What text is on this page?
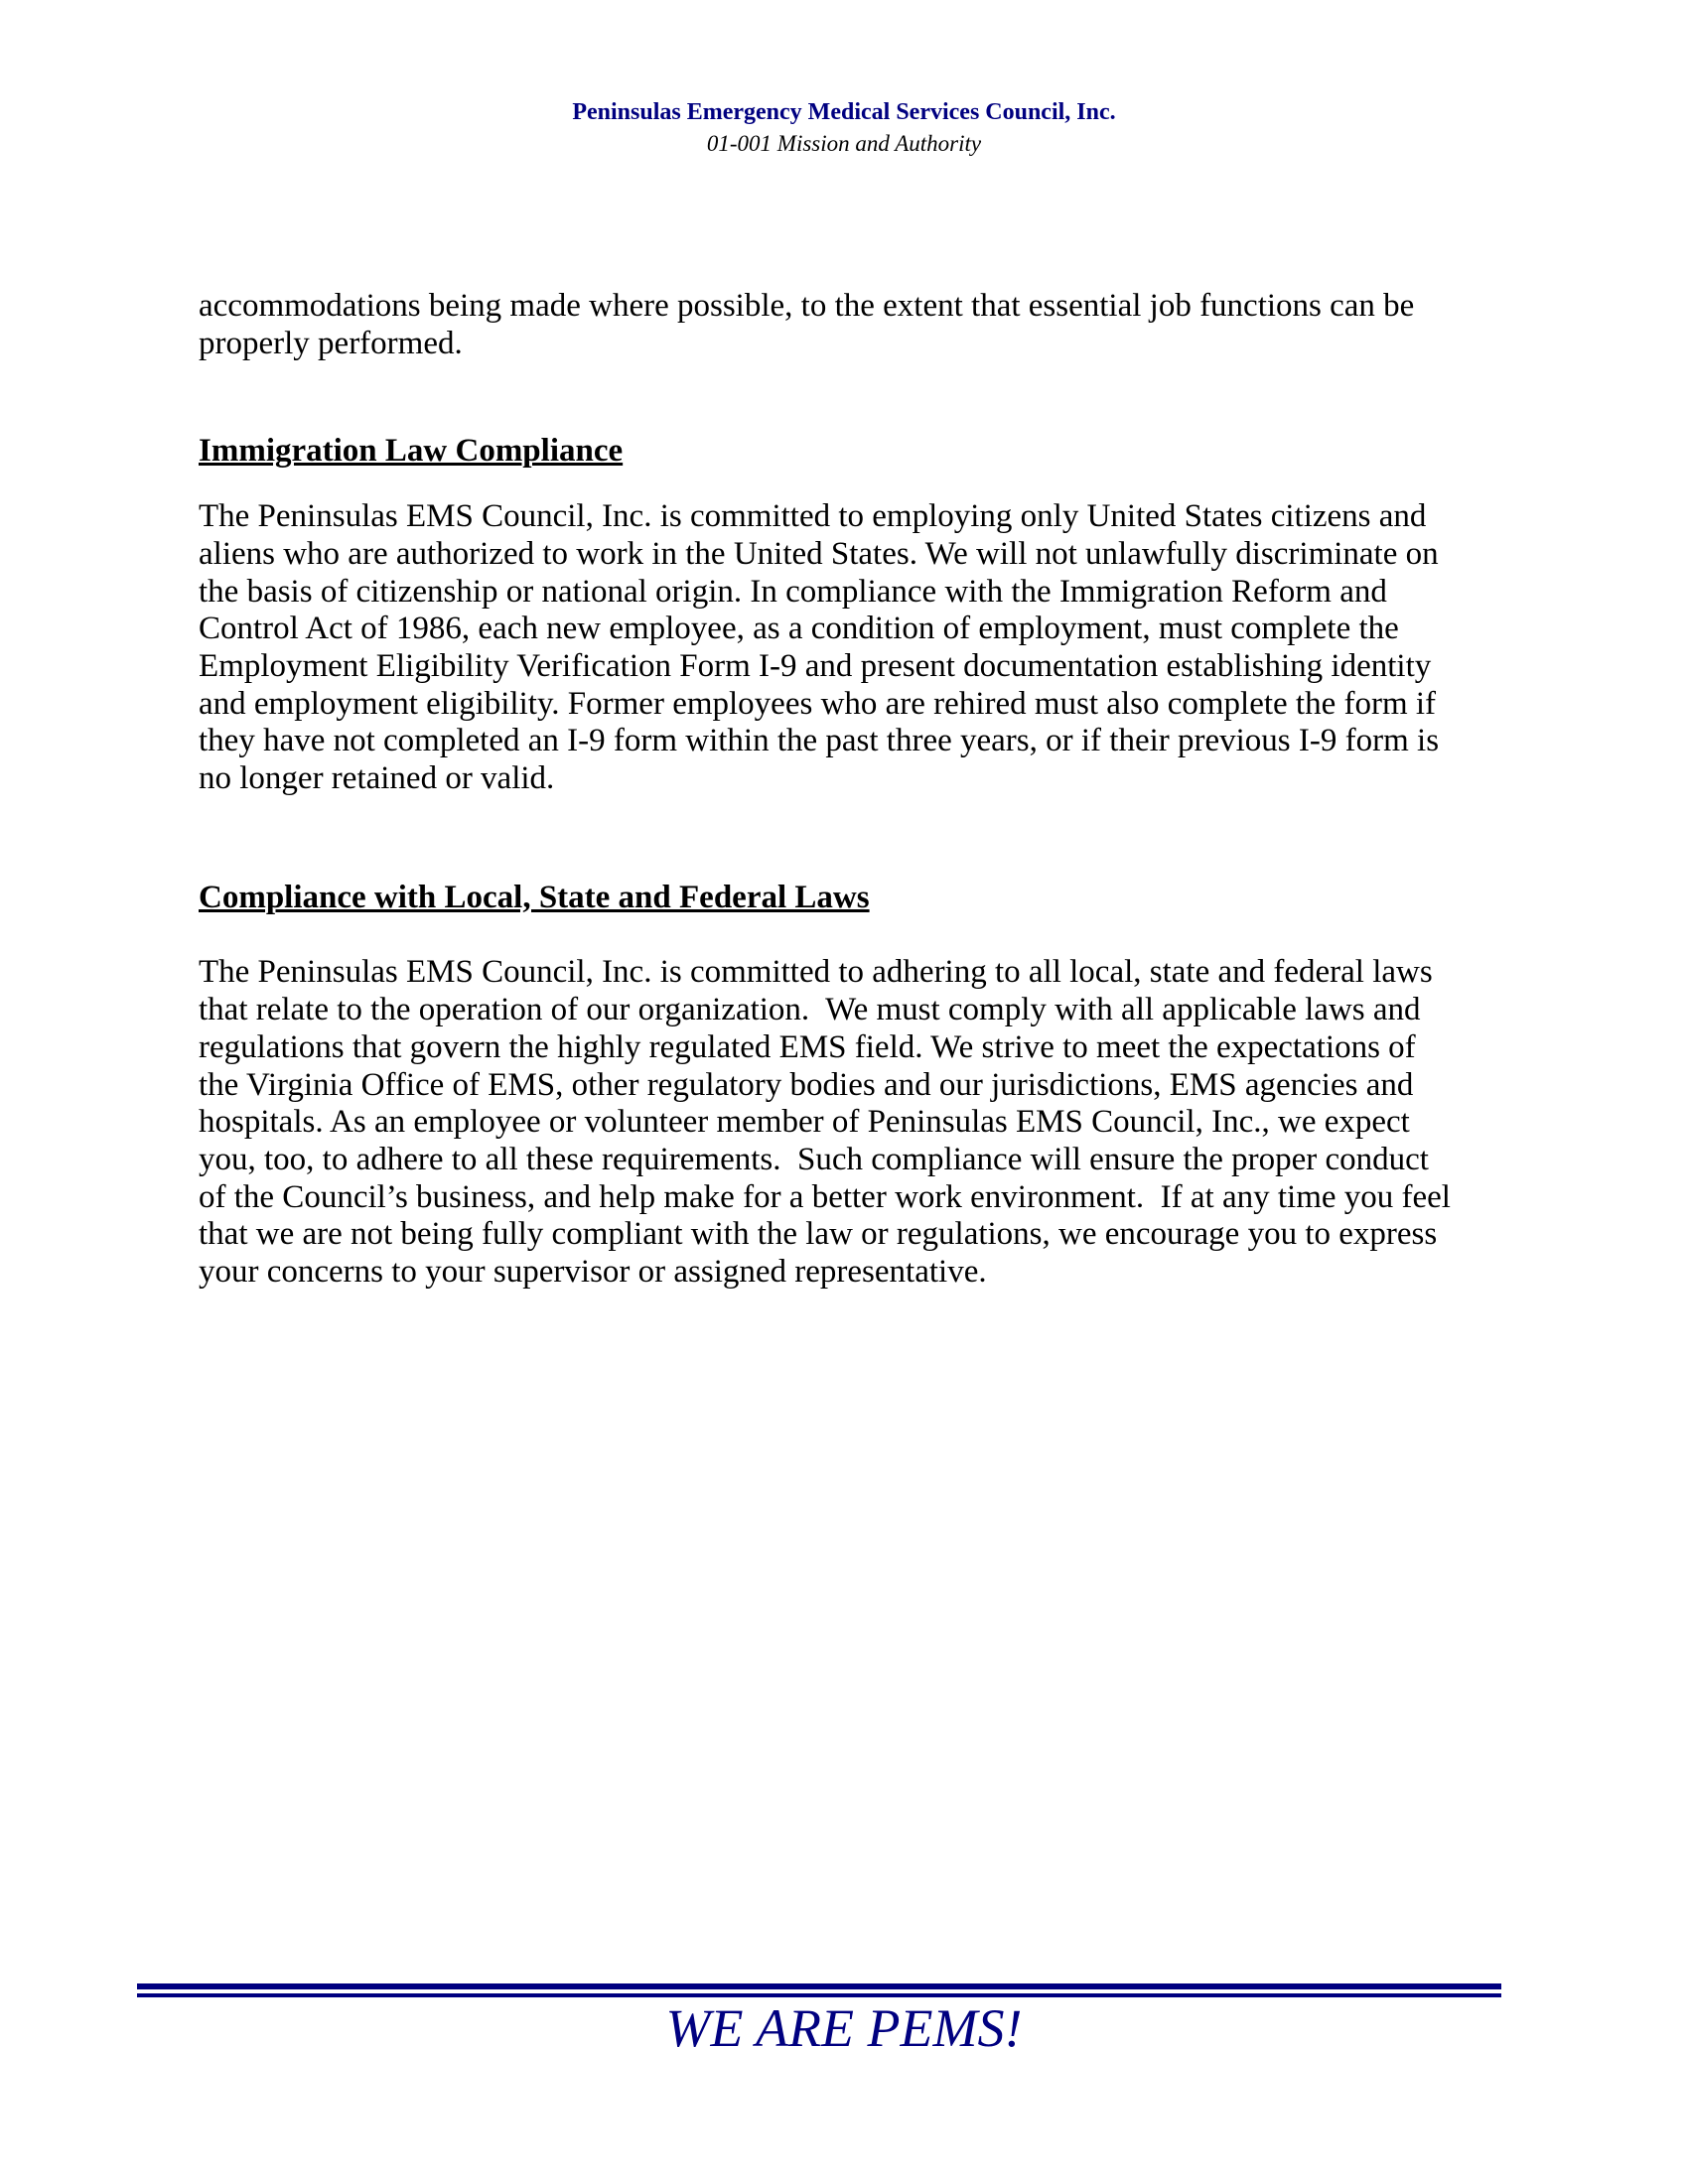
Peninsulas Emergency Medical Services Council, Inc.
01-001 Mission and Authority

accommodations being made where possible, to the extent that essential job functions can be properly performed.

Immigration Law Compliance

The Peninsulas EMS Council, Inc. is committed to employing only United States citizens and aliens who are authorized to work in the United States. We will not unlawfully discriminate on the basis of citizenship or national origin. In compliance with the Immigration Reform and Control Act of 1986, each new employee, as a condition of employment, must complete the Employment Eligibility Verification Form I-9 and present documentation establishing identity and employment eligibility. Former employees who are rehired must also complete the form if they have not completed an I-9 form within the past three years, or if their previous I-9 form is no longer retained or valid.

Compliance with Local, State and Federal Laws

The Peninsulas EMS Council, Inc. is committed to adhering to all local, state and federal laws that relate to the operation of our organization.  We must comply with all applicable laws and regulations that govern the highly regulated EMS field. We strive to meet the expectations of the Virginia Office of EMS, other regulatory bodies and our jurisdictions, EMS agencies and hospitals. As an employee or volunteer member of Peninsulas EMS Council, Inc., we expect you, too, to adhere to all these requirements.  Such compliance will ensure the proper conduct of the Council’s business, and help make for a better work environment.  If at any time you feel that we are not being fully compliant with the law or regulations, we encourage you to express your concerns to your supervisor or assigned representative.

WE ARE PEMS!
